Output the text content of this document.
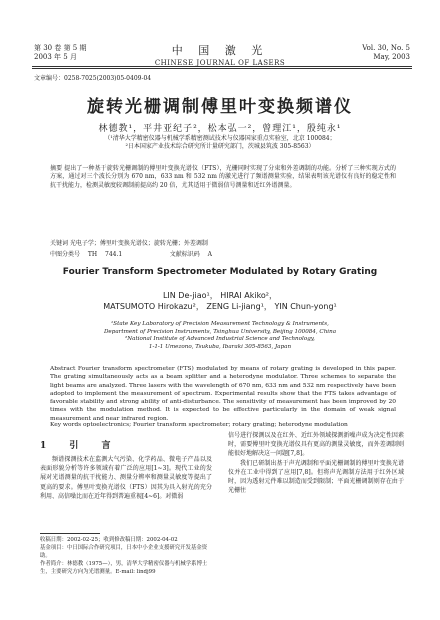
第 30 卷 第 5 期
2003 年 5 月	中 国 激 光
CHINESE JOURNAL OF LASERS
Vol. 30, No. 5
May, 2003
文章编号：0258-7025(2003)05-0409-04
旋转光栅调制傅里叶变换频谱仪
林德教¹，平井亚纪子²，松本弘一²，曾理江¹，殷纯永¹
（¹清华大学精密仪器与机械学系精密测试技术与仪器国家重点实验室，北京 100084；
²日本国家产业技术综合研究所计量研究部门，茨城县筑波 305-8563）
摘要 提出了一种基于旋转光栅调制的傅里叶变换光谱仪（FTS），光栅同时实现了分束和外差调制的功能。分析了三种实现方式的方案，通过对三个波长分别为 670 nm，633 nm 和 532 nm 的激光进行了频谱测量实验，结果表明该光谱仪有良好的稳定性和抗干扰能力，检测灵敏度较调制前提高约 20 倍，尤其适用于微弱信号测量和近红外谱测量。
关键词 光电子学；傅里叶变换光谱仪；旋转光栅；外差调制
中图分类号 TH 744.1	文献标识码 A
Fourier Transform Spectrometer Modulated by Rotary Grating
LIN De-jiao¹， HIRAI Akiko²，
MATSUMOTO Hirokazu²， ZENG Li-jiang¹， YIN Chun-yong¹
¹State Key Laboratory of Precision Measurement Technology & Instruments,
Department of Precision Instruments, Tsinghua University, Beijing 100084, China
²National Institute of Advanced Industrial Science and Technology,
1-1-1 Umezono, Tsukuba, Ibaraki 305-8563, Japan
Abstract Fourier transform spectrometer (FTS) modulated by means of rotary grating is developed in this paper. The grating simultaneously acts as a beam splitter and a heterodyne modulator. Three schemes to separate the light beams are analyzed. Three lasers with the wavelength of 670 nm, 633 nm and 532 nm respectively have been adopted to implement the measurement of spectrum. Experimental results show that the FTS takes advantage of favorable stability and strong ability of anti-disturbance. The sensitivity of measurement has been improved by 20 times with the modulation method. It is expected to be effective particularly in the domain of weak signal measurement and near infrared region.
Key words optoelectronics; Fourier transform spectrometer; rotary grating; heterodyne modulation
1 引 言
频谱探测技术在监测大气污染、化学药品、微电子产品以及表面形貌分析等许多领域有着广泛的应用[1~3]。现代工业的发展对光谱测量的抗干扰能力、测量分辨率和测量灵敏度等提出了更高的要求。傅里叶变换光谱仪（FTS）因其为具入射光的充分利用、高信噪比而在近年得到普遍重视[4~6]。对微弱

信号进行探测以及在红外、近红外领域探测新噪声成为决定性因素时，需要傅里叶变换光谱仪具有更高的测量灵敏度，而外差调制则能很好地解决这一问题[7,8]。

我们已研制出基于声光调制和平面光栅调制的傅里叶变换光谱仪并在工业中得到了应用[7,8]。但将声光调制方法用于红外区域时，因为透射元件难以制造而受到限制；平面光栅调制则存在由于光栅往

收稿日期：2002-02-25；收到修改稿日期：2002-04-02
基金项目：中日国际合作研究项目，日本中小企业支援研究开发基金资助。
作者简介：林德教（1975—），男，清华大学精密仪器与机械学系博士生，主要研究方向为光谱测量。E-mail: lindj99
